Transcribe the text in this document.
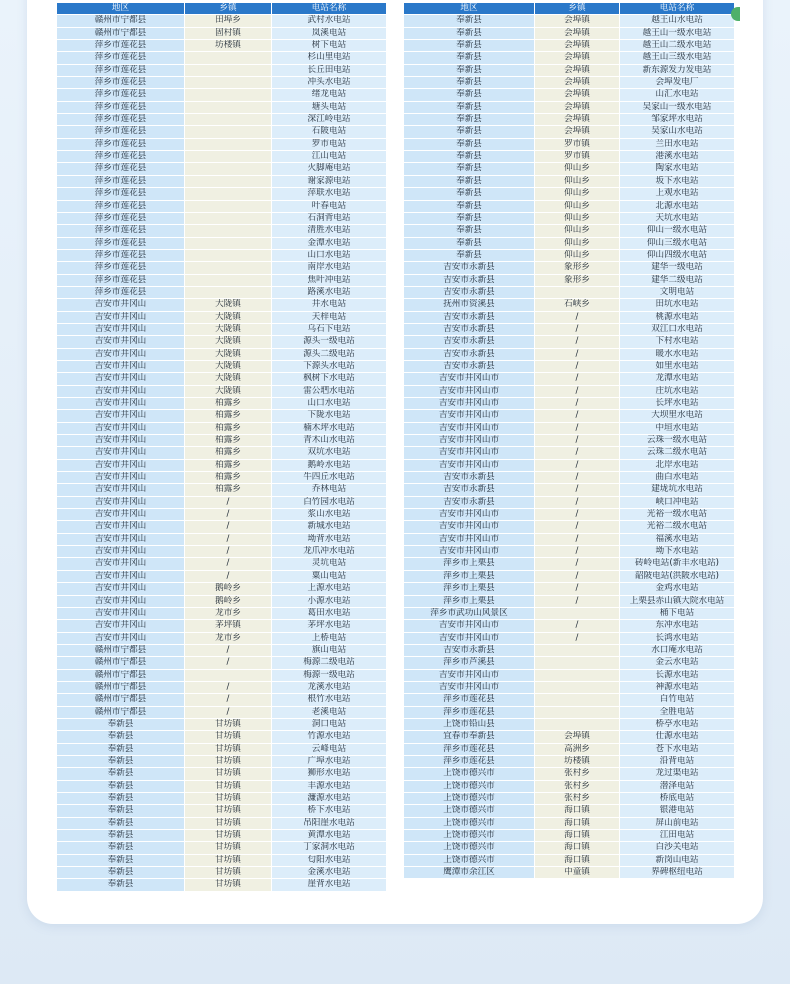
地区	乡镇	电站名称
赣州市宁都县	田埠乡	武村水电站
赣州市宁都县	固村镇	岚溪电站
萍乡市莲花县	坊楼镇	树下电站
萍乡市莲花县		杉山里电站
萍乡市莲花县		长丘田电站
萍乡市莲花县		冲头水电站
萍乡市莲花县		绪龙电站
萍乡市莲花县		塘头电站
萍乡市莲花县		深江岭电站
萍乡市莲花县		石陂电站
萍乡市莲花县		罗市电站
萍乡市莲花县		江山电站
萍乡市莲花县		火脚庵电站
萍乡市莲花县		谢家源电站
萍乡市莲花县		萍联水电站
萍乡市莲花县		叶春电站
萍乡市莲花县		石洞背电站
萍乡市莲花县		清胜水电站
萍乡市莲花县		金潭水电站
萍乡市莲花县		山口水电站
萍乡市莲花县		南岸水电站
萍乡市莲花县		焦叶冲电站
萍乡市莲花县		路溪水电站
吉安市井冈山	大陇镇	井水电站
吉安市井冈山	大陇镇	天梓电站
吉安市井冈山	大陇镇	乌石下电站
吉安市井冈山	大陇镇	源头一级电站
吉安市井冈山	大陇镇	源头二级电站
吉安市井冈山	大陇镇	下源头水电站
吉安市井冈山	大陇镇	枫树下水电站
吉安市井冈山	大陇镇	雷公垇水电站
吉安市井冈山	柏露乡	山口水电站
吉安市井冈山	柏露乡	下陇水电站
吉安市井冈山	柏露乡	楠木坪水电站
吉安市井冈山	柏露乡	青木山水电站
吉安市井冈山	柏露乡	双坑水电站
吉安市井冈山	柏露乡	鹅岭水电站
吉安市井冈山	柏露乡	牛四丘水电站
吉安市井冈山	柏露乡	乔林电站
吉安市井冈山	/	白竹园水电站
吉安市井冈山	/	浆山水电站
吉安市井冈山	/	新城水电站
吉安市井冈山	/	坳背水电站
吉安市井冈山	/	龙爪冲水电站
吉安市井冈山	/	灵坑电站
吉安市井冈山	/	粟山电站
吉安市井冈山	鹅岭乡	上源水电站
吉安市井冈山	鹅岭乡	小源水电站
吉安市井冈山	龙市乡	葛田水电站
吉安市井冈山	茅坪镇	茅坪水电站
吉安市井冈山	龙市乡	上桥电站
赣州市宁都县	/	旗山电站
赣州市宁都县	/	梅源二级电站
赣州市宁都县		梅源一级电站
赣州市宁都县	/	龙溪水电站
赣州市宁都县	/	根竹水电站
赣州市宁都县	/	老溪电站
奉新县	甘坊镇	洞口电站
奉新县	甘坊镇	竹源水电站
奉新县	甘坊镇	云峰电站
奉新县	甘坊镇	广埠水电站
奉新县	甘坊镇	狮形水电站
奉新县	甘坊镇	丰源水电站
奉新县	甘坊镇	濂源水电站
奉新县	甘坊镇	桥下水电站
奉新县	甘坊镇	吊阳崖水电站
奉新县	甘坊镇	黄潭水电站
奉新县	甘坊镇	丁家洞水电站
奉新县	甘坊镇	匂阳水电站
奉新县	甘坊镇	金溪水电站
奉新县	甘坊镇	崖背水电站
地区	乡镇	电站名称
奉新县	会埠镇	越王山水电站
奉新县	会埠镇	越王山一级水电站
奉新县	会埠镇	越王山二级水电站
奉新县	会埠镇	越王山三级水电站
奉新县	会埠镇	新东源发力发电站
奉新县	会埠镇	会埠发电厂
奉新县	会埠镇	山汇水电站
奉新县	会埠镇	吴家山一级水电站
奉新县	会埠镇	邹家坪水电站
奉新县	会埠镇	吴家山水电站
奉新县	罗市镇	兰田水电站
奉新县	罗市镇	港溪水电站
奉新县	仰山乡	陶家水电站
奉新县	仰山乡	坂下水电站
奉新县	仰山乡	上观水电站
奉新县	仰山乡	北源水电站
奉新县	仰山乡	天坑水电站
奉新县	仰山乡	仰山一级水电站
奉新县	仰山乡	仰山三级水电站
奉新县	仰山乡	仰山四级水电站
吉安市永新县	象形乡	建华一级电站
吉安市永新县	象形乡	建华二级电站
吉安市永新县		文明电站
抚州市资溪县	石峡乡	田坑水电站
吉安市永新县	/	桃源水电站
吉安市永新县	/	双江口水电站
吉安市永新县	/	下村水电站
吉安市永新县	/	暖水水电站
吉安市永新县	/	如里水电站
吉安市井冈山市	/	龙潭水电站
吉安市井冈山市	/	庄坑水电站
吉安市井冈山市	/	长坪水电站
吉安市井冈山市	/	大坝里水电站
吉安市井冈山市	/	中垣水电站
吉安市井冈山市	/	云珠一级水电站
吉安市井冈山市	/	云珠二级水电站
吉安市井冈山市	/	北岸水电站
吉安市永新县	/	曲白水电站
吉安市永新县	/	建垅坑水电站
吉安市永新县	/	峡口冲电站
吉安市井冈山市	/	光裕一级水电站
吉安市井冈山市	/	光裕二级水电站
吉安市井冈山市	/	福溪水电站
吉安市井冈山市	/	坳下水电站
萍乡市上栗县	/	砖岭电站(新丰水电站)
萍乡市上栗县	/	韶陂电站(洪陂水电站)
萍乡市上栗县	/	金鸡水电站
萍乡市上栗县	/	上栗县赤山镇大院水电站
萍乡市武功山风景区		桶下电站
吉安市井冈山市	/	东冲水电站
吉安市井冈山市	/	长鸿水电站
吉安市永新县		水口庵水电站
萍乡市芦溪县		金云水电站
吉安市井冈山市		长源水电站
吉安市井冈山市		神源水电站
萍乡市莲花县		白竹电站
萍乡市莲花县		全胜电站
上饶市铅山县		桥亭水电站
宜春市奉新县	会埠镇	仕源水电站
萍乡市莲花县	高洲乡	苍下水电站
萍乡市莲花县	坊楼镇	沿背电站
上饶市德兴市	张村乡	龙过渠电站
上饶市德兴市	张村乡	潜泽电站
上饶市德兴市	张村乡	桥底电站
上饶市德兴市	海口镇	银港电站
上饶市德兴市	海口镇	屏山前电站
上饶市德兴市	海口镇	江田电站
上饶市德兴市	海口镇	白沙关电站
上饶市德兴市	海口镇	新岗山电站
鹰潭市余江区	中童镇	界碑枢纽电站
